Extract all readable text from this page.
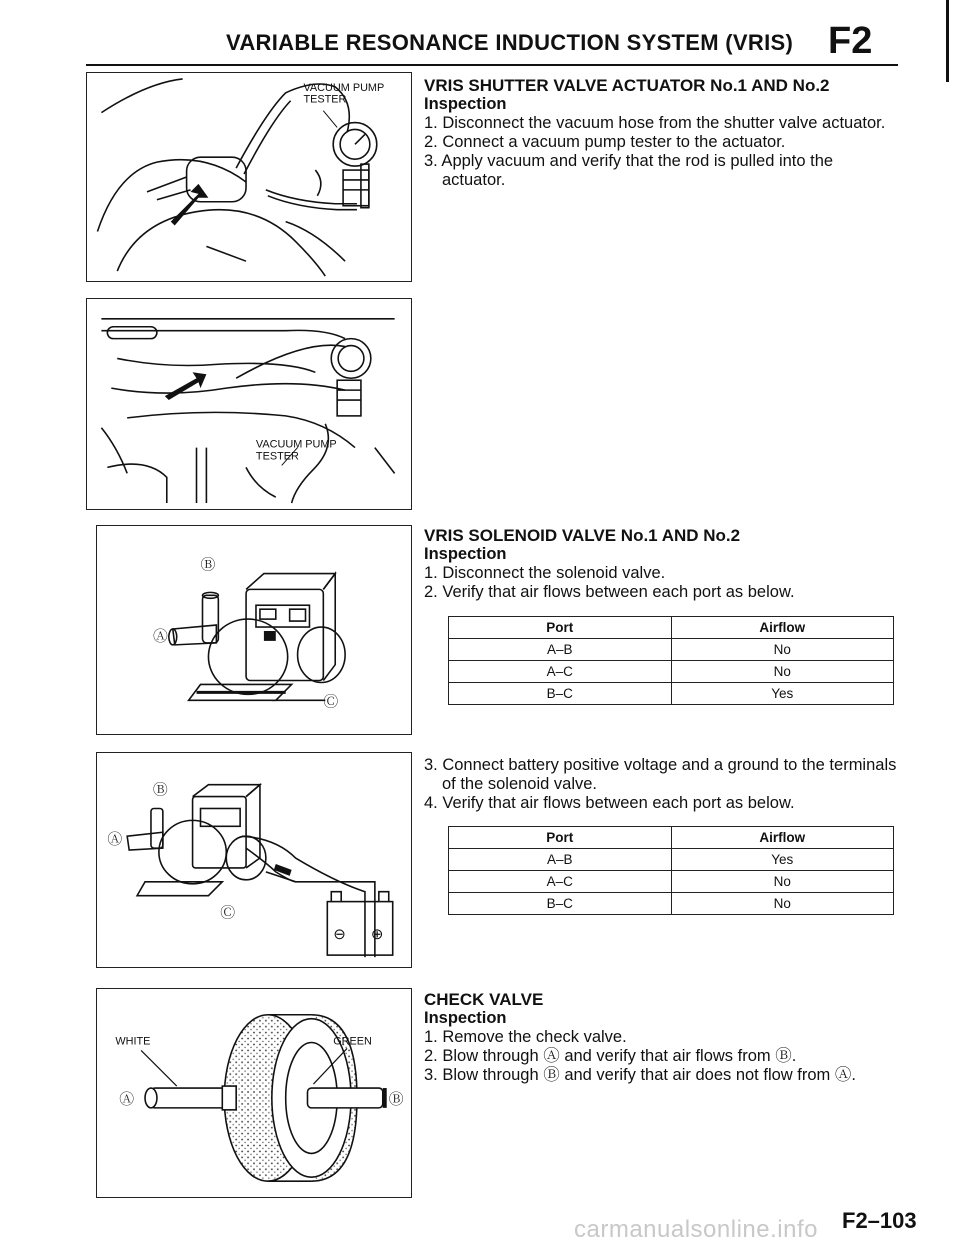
VARIABLE RESONANCE INDUCTION SYSTEM (VRIS) F2
VACUUM PUMP
TESTER
VACUUM PUMP
TESTER
Ⓑ
Ⓐ
Ⓒ
Ⓑ
Ⓐ
Ⓒ
⊖ ⊕
WHITE	GREEN
Ⓐ	Ⓑ

VRIS SHUTTER VALVE ACTUATOR No.1 AND No.2

Inspection

1. Disconnect the vacuum hose from the shutter valve actuator.

2. Connect a vacuum pump tester to the actuator.

3. Apply vacuum and verify that the rod is pulled into the actuator.

VRIS SOLENOID VALVE No.1 AND No.2

Inspection

1. Disconnect the solenoid valve.

2. Verify that air flows between each port as below.

Port	Airflow
A–B	No
A–C	No
B–C	Yes

3. Connect battery positive voltage and a ground to the terminals of the solenoid valve.

4. Verify that air flows between each port as below.

Port	Airflow
A–B	Yes
A–C	No
B–C	No

CHECK VALVE

Inspection

1. Remove the check valve.

2. Blow through Ⓐ and verify that air flows from Ⓑ.

3. Blow through Ⓑ and verify that air does not flow from Ⓐ.

carmanualsonline.info F2–103
